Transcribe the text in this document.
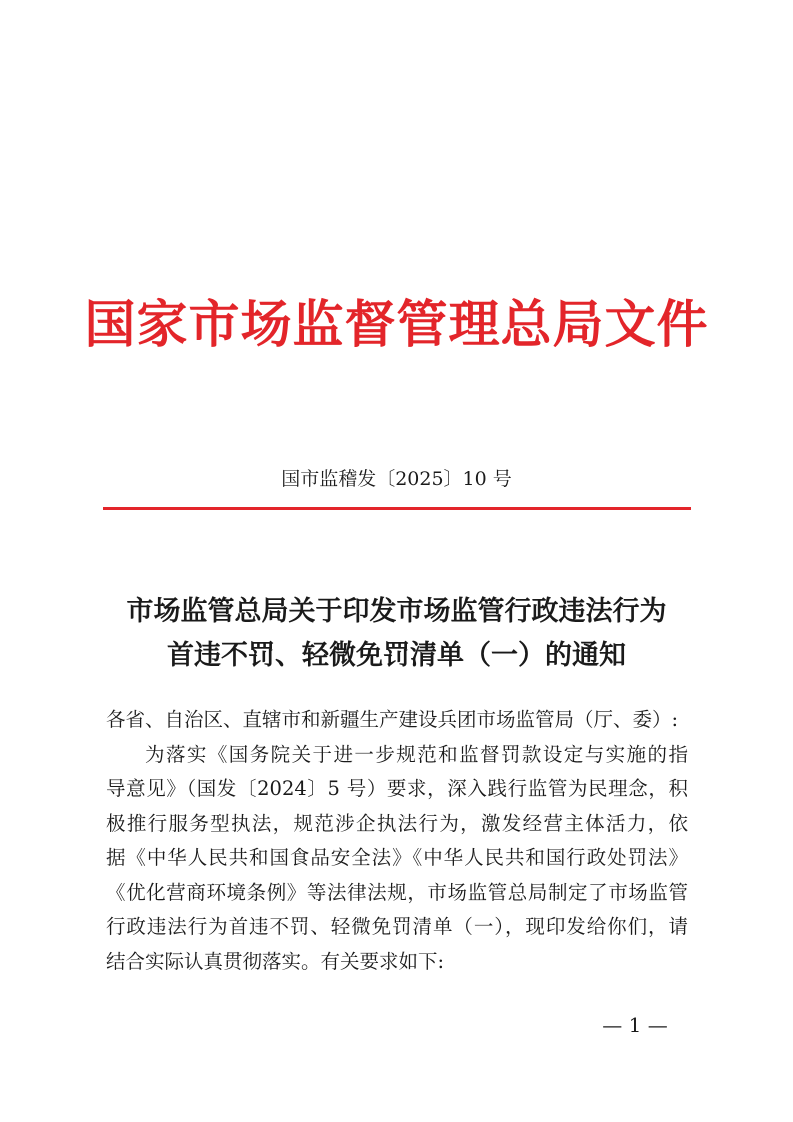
国家市场监督管理总局文件
国市监稽发〔2025〕10 号
市场监管总局关于印发市场监管行政违法行为
首违不罚、轻微免罚清单（一）的通知
各省、自治区、直辖市和新疆生产建设兵团市场监管局（厅、委）:
为落实《国务院关于进一步规范和监督罚款设定与实施的指
导意见》（国发〔2024〕5 号）要求，深入践行监管为民理念，积
极推行服务型执法，规范涉企执法行为，激发经营主体活力，依
据《中华人民共和国食品安全法》《中华人民共和国行政处罚法》
《优化营商环境条例》等法律法规，市场监管总局制定了市场监管
行政违法行为首违不罚、轻微免罚清单（一），现印发给你们，请
结合实际认真贯彻落实。有关要求如下:
— 1 —
